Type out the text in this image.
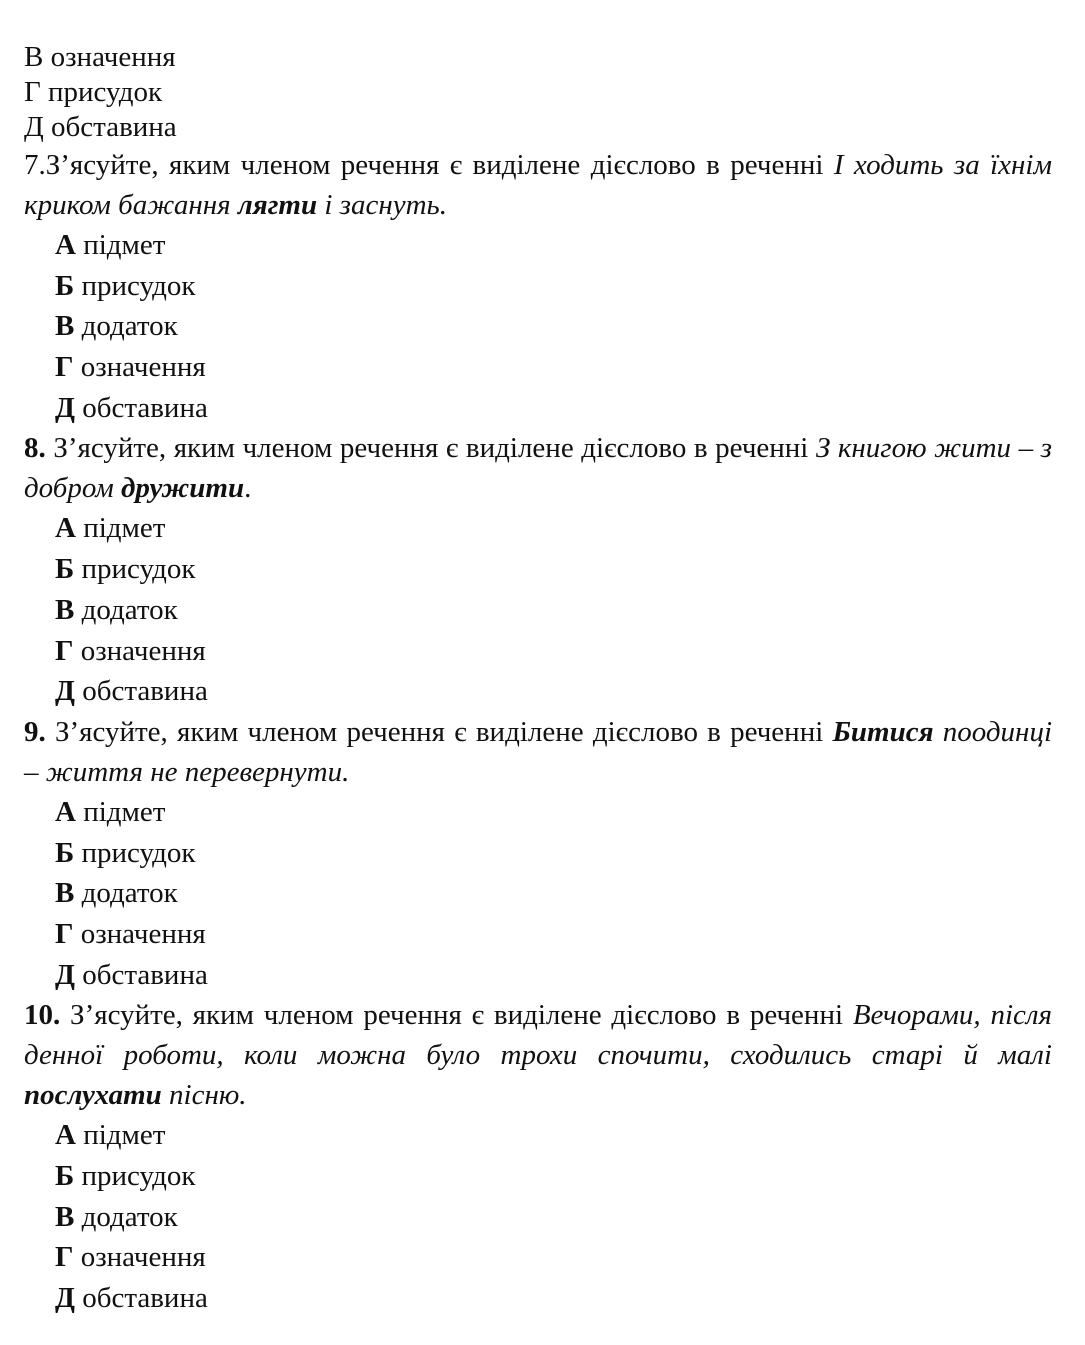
В означення
Г присудок
Д обставина
7.З’ясуйте, яким членом речення є виділене дієслово в реченні І ходить за їхнім криком бажання лягти і заснуть.
А підмет
Б присудок
В додаток
Г означення
Д обставина
8. З’ясуйте, яким членом речення є виділене дієслово в реченні З книгою жити – з добром дружити.
А підмет
Б присудок
В додаток
Г означення
Д обставина
9. З’ясуйте, яким членом речення є виділене дієслово в реченні Битися поодинці – життя не перевернути.
А підмет
Б присудок
В додаток
Г означення
Д обставина
10. З’ясуйте, яким членом речення є виділене дієслово в реченні Вечорами, після денної роботи, коли можна було трохи спочити, сходились старі й малі послухати пісню.
А підмет
Б присудок
В додаток
Г означення
Д обставина
